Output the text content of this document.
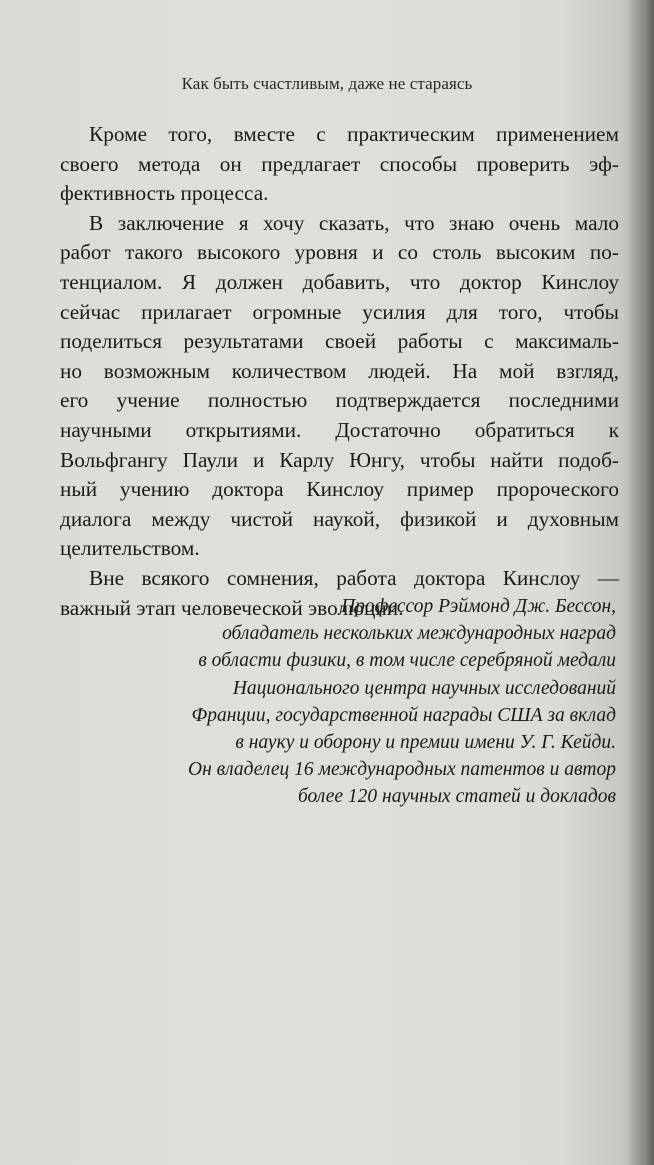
Как быть счастливым, даже не стараясь

Кроме того, вместе с практическим применением
своего метода он предлагает способы проверить эф-
фективность процесса.

В заключение я хочу сказать, что знаю очень мало
работ такого высокого уровня и со столь высоким по-
тенциалом. Я должен добавить, что доктор Кинслоу
сейчас прилагает огромные усилия для того, чтобы
поделиться результатами своей работы с максималь-
но возможным количеством людей. На мой взгляд,
его учение полностью подтверждается последними
научными открытиями. Достаточно обратиться к
Вольфгангу Паули и Карлу Юнгу, чтобы найти подоб-
ный учению доктора Кинслоу пример пророческого
диалога между чистой наукой, физикой и духовным
целительством.

Вне всякого сомнения, работа доктора Кинслоу —
важный этап человеческой эволюции.

Профессор Рэймонд Дж. Бессон,
обладатель нескольких международных наград
в области физики, в том числе серебряной медали
Национального центра научных исследований
Франции, государственной награды США за вклад
в науку и оборону и премии имени У. Г. Кейди.
Он владелец 16 международных патентов и автор
более 120 научных статей и докладов
